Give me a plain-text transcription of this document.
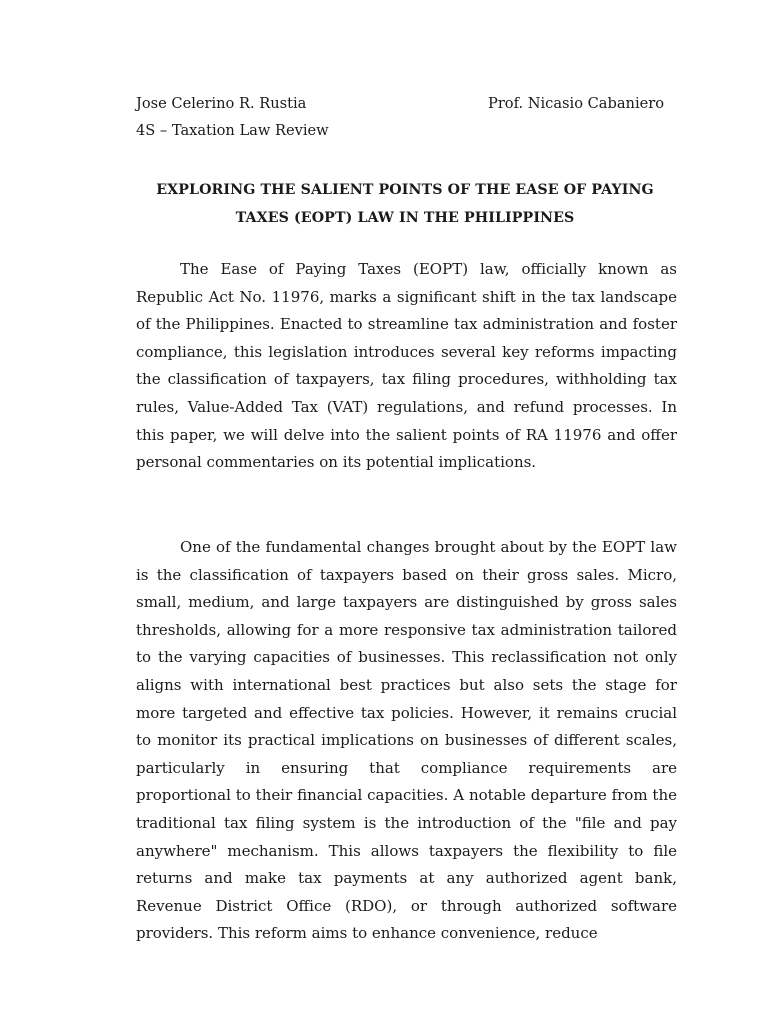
Jose Celerino R. Rustia	Prof. Nicasio Cabaniero
4S – Taxation Law Review
EXPLORING THE SALIENT POINTS OF THE EASE OF PAYING
TAXES (EOPT) LAW IN THE PHILIPPINES

The Ease of Paying Taxes (EOPT) law, officially known as Republic Act No. 11976, marks a significant shift in the tax landscape of the Philippines. Enacted to streamline tax administration and foster compliance, this legislation introduces several key reforms impacting the classification of taxpayers, tax filing procedures, withholding tax rules, Value-Added Tax (VAT) regulations, and refund processes. In this paper, we will delve into the salient points of RA 11976 and offer personal commentaries on its potential implications.

One of the fundamental changes brought about by the EOPT law is the classification of taxpayers based on their gross sales. Micro, small, medium, and large taxpayers are distinguished by gross sales thresholds, allowing for a more responsive tax administration tailored to the varying capacities of businesses. This reclassification not only aligns with international best practices but also sets the stage for more targeted and effective tax policies. However, it remains crucial to monitor its practical implications on businesses of different scales, particularly in ensuring that compliance requirements are proportional to their financial capacities. A notable departure from the traditional tax filing system is the introduction of the "file and pay anywhere" mechanism. This allows taxpayers the flexibility to file returns and make tax payments at any authorized agent bank, Revenue District Office (RDO), or through authorized software providers. This reform aims to enhance convenience, reduce
